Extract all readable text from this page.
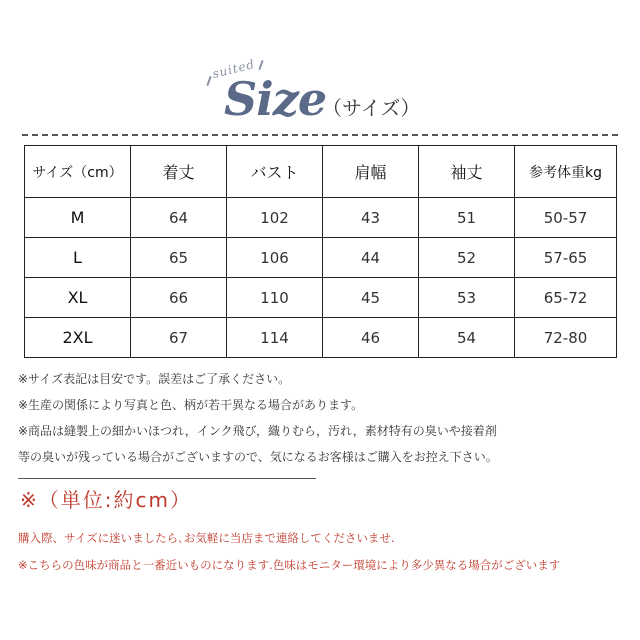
suited
Size
（サイズ）
サイズ（cm）	着丈	バスト	肩幅	袖丈	参考体重kg
M	64	102	43	51	50-57
L	65	106	44	52	57-65
XL	66	110	45	53	65-72
2XL	67	114	46	54	72-80
※サイズ表記は目安です。誤差はご了承ください。
※生産の関係により写真と色、柄が若干異なる場合があります。
※商品は縫製上の細かいほつれ，インク飛び，織りむら，汚れ，素材特有の臭いや接着剤
等の臭いが残っている場合がございますので、気になるお客様はご購入をお控え下さい。
※（単位:約cm）
購入際、サイズに迷いましたら､お気軽に当店まで連絡してくださいませ.
※こちらの色味が商品と一番近いものになります.色味はモニター環境により多少異なる場合がございます
